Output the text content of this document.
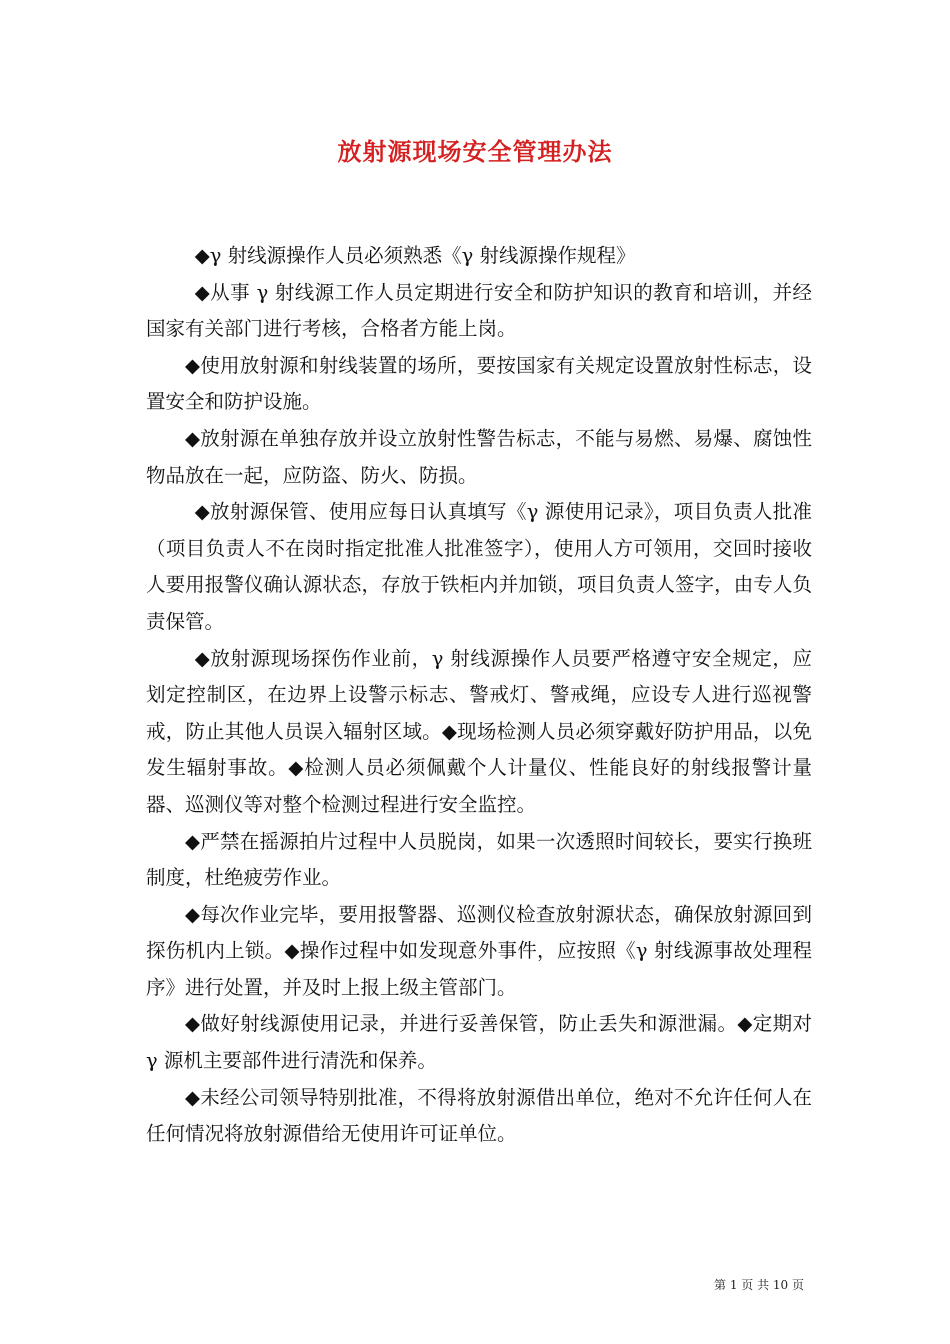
放射源现场安全管理办法

◆γ 射线源操作人员必须熟悉《γ 射线源操作规程》

◆从事 γ 射线源工作人员定期进行安全和防护知识的教育和培训，并经国家有关部门进行考核，合格者方能上岗。

◆使用放射源和射线装置的场所，要按国家有关规定设置放射性标志，设置安全和防护设施。

◆放射源在单独存放并设立放射性警告标志，不能与易燃、易爆、腐蚀性物品放在一起，应防盗、防火、防损。

◆放射源保管、使用应每日认真填写《γ 源使用记录》，项目负责人批准（项目负责人不在岗时指定批准人批准签字），使用人方可领用，交回时接收人要用报警仪确认源状态，存放于铁柜内并加锁，项目负责人签字，由专人负责保管。

◆放射源现场探伤作业前，γ 射线源操作人员要严格遵守安全规定，应划定控制区，在边界上设警示标志、警戒灯、警戒绳，应设专人进行巡视警戒，防止其他人员误入辐射区域。◆现场检测人员必须穿戴好防护用品，以免发生辐射事故。◆检测人员必须佩戴个人计量仪、性能良好的射线报警计量器、巡测仪等对整个检测过程进行安全监控。

◆严禁在摇源拍片过程中人员脱岗，如果一次透照时间较长，要实行换班制度，杜绝疲劳作业。

◆每次作业完毕，要用报警器、巡测仪检查放射源状态，确保放射源回到探伤机内上锁。◆操作过程中如发现意外事件，应按照《γ 射线源事故处理程序》进行处置，并及时上报上级主管部门。

◆做好射线源使用记录，并进行妥善保管，防止丢失和源泄漏。◆定期对 γ 源机主要部件进行清洗和保养。

◆未经公司领导特别批准，不得将放射源借出单位，绝对不允许任何人在任何情况将放射源借给无使用许可证单位。

第 1 页 共 10 页
